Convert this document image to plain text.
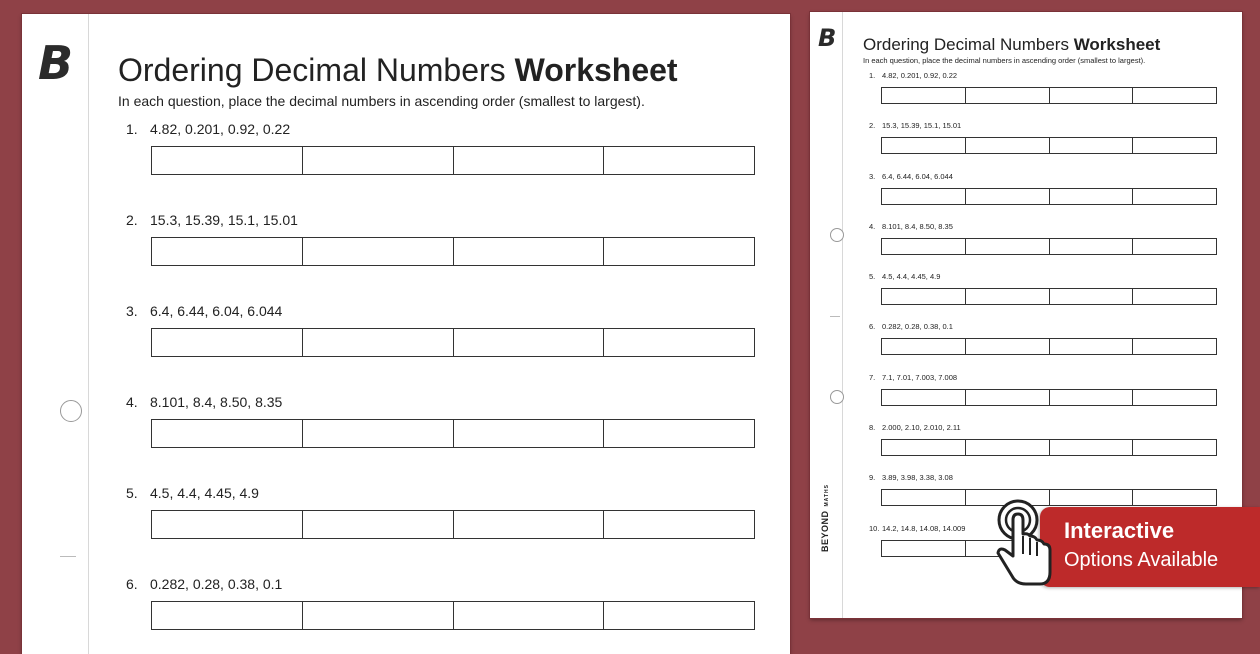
B Ordering Decimal Numbers Worksheet
In each question, place the decimal numbers in ascending order (smallest to largest).
1. 4.82, 0.201, 0.92, 0.22
2. 15.3, 15.39, 15.1, 15.01
3. 6.4, 6.44, 6.04, 6.044
4. 8.101, 8.4, 8.50, 8.35
5. 4.5, 4.4, 4.45, 4.9
6. 0.282, 0.28, 0.38, 0.1
B
BEYONDMATHS
Ordering Decimal Numbers Worksheet
In each question, place the decimal numbers in ascending order (smallest to largest).
1. 4.82, 0.201, 0.92, 0.22
2. 15.3, 15.39, 15.1, 15.01
3. 6.4, 6.44, 6.04, 6.044
4. 8.101, 8.4, 8.50, 8.35
5. 4.5, 4.4, 4.45, 4.9
6. 0.282, 0.28, 0.38, 0.1
7. 7.1, 7.01, 7.003, 7.008
8. 2.000, 2.10, 2.010, 2.11
9. 3.89, 3.98, 3.38, 3.08
10. 14.2, 14.8, 14.08, 14.009	Interactive
Options Available
